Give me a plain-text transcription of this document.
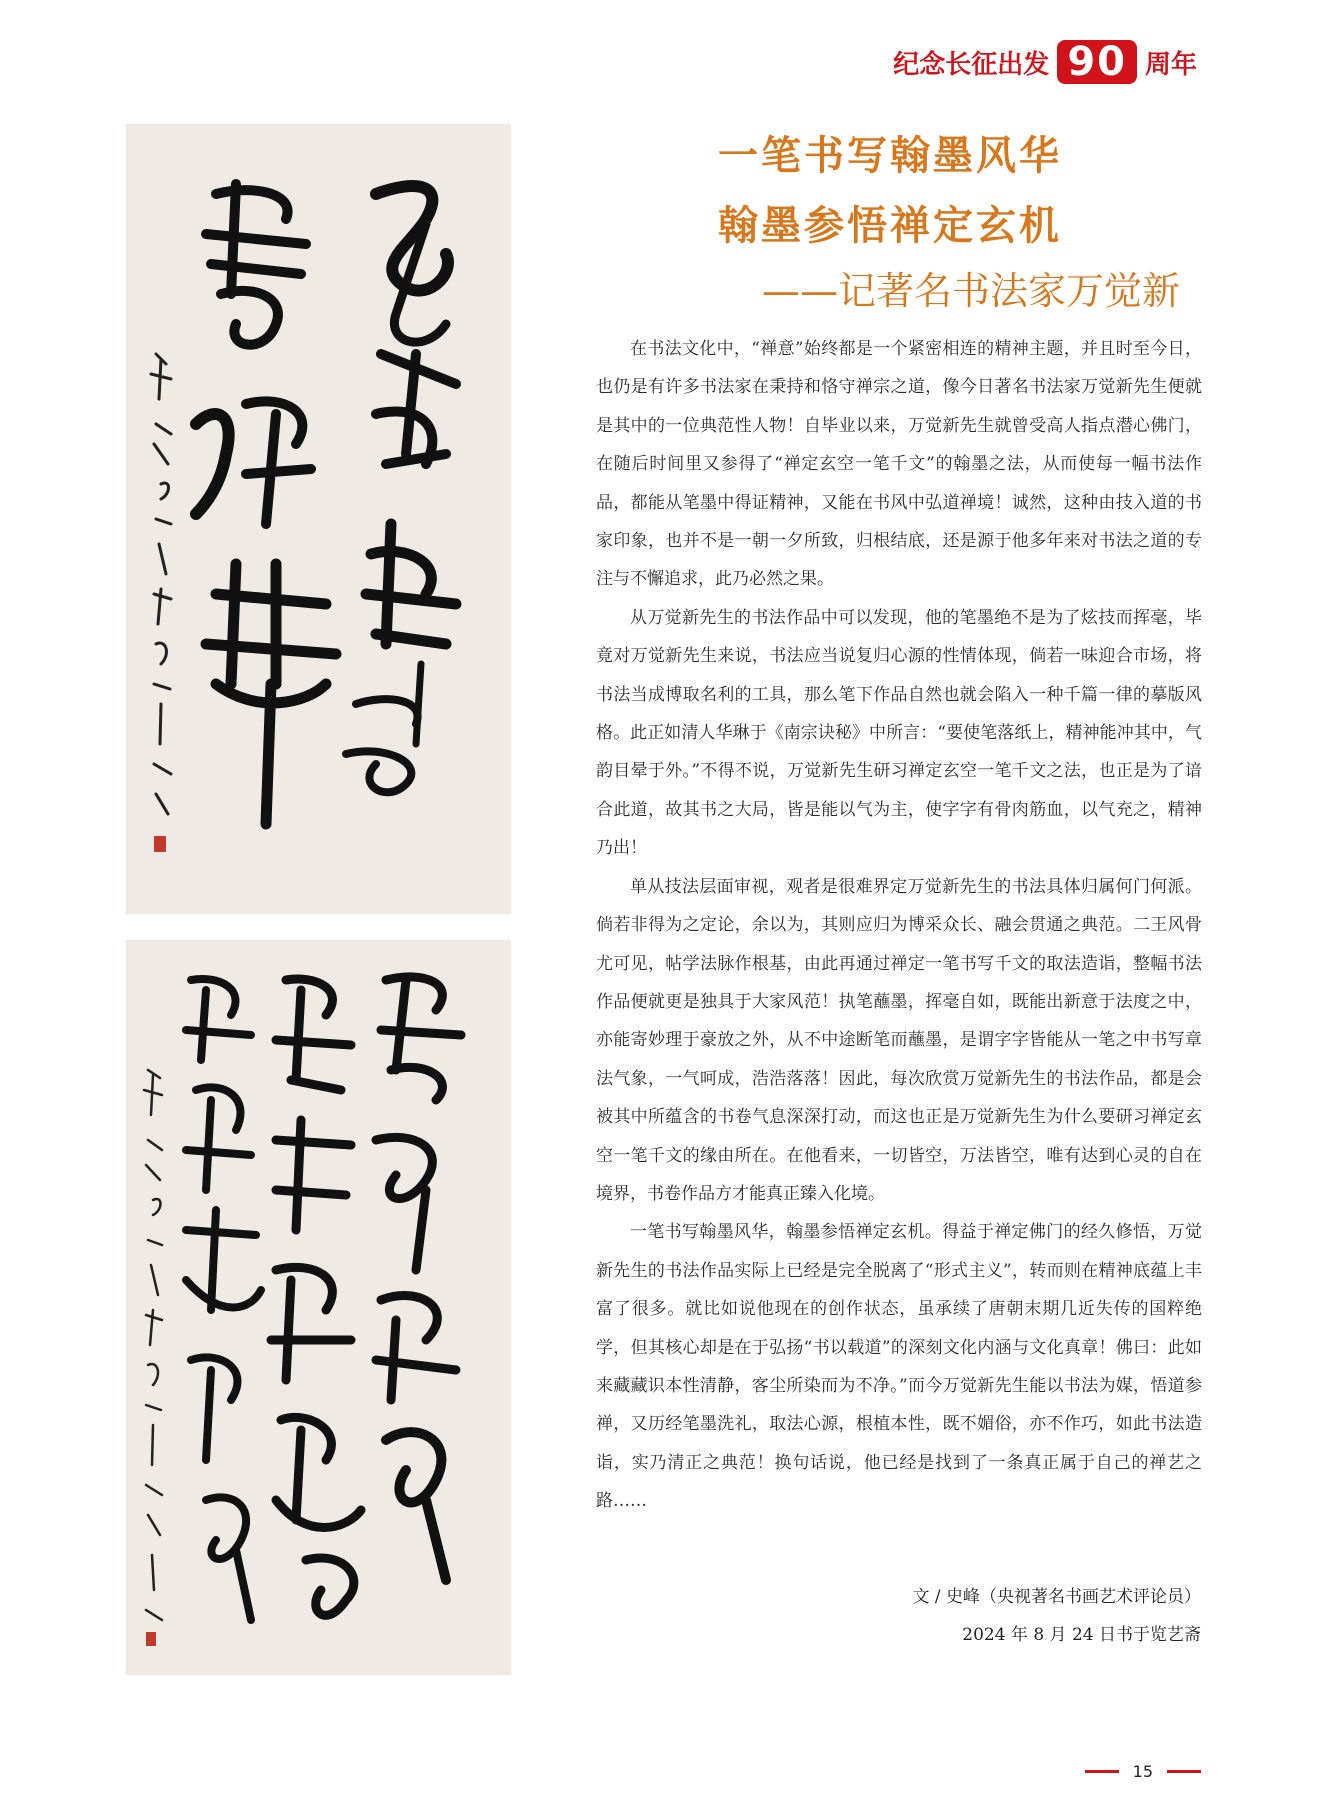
纪念长征出发 90 周年
一笔书写翰墨风华
翰墨参悟禅定玄机
——记著名书法家万觉新

在书法文化中，“禅意”始终都是一个紧密相连的精神主题，并且时至今日，也仍是有许多书法家在秉持和恪守禅宗之道，像今日著名书法家万觉新先生便就是其中的一位典范性人物！自毕业以来，万觉新先生就曾受高人指点潜心佛门，在随后时间里又参得了“禅定玄空一笔千文”的翰墨之法，从而使每一幅书法作品，都能从笔墨中得证精神，又能在书风中弘道禅境！诚然，这种由技入道的书家印象，也并不是一朝一夕所致，归根结底，还是源于他多年来对书法之道的专注与不懈追求，此乃必然之果。

从万觉新先生的书法作品中可以发现，他的笔墨绝不是为了炫技而挥毫，毕竟对万觉新先生来说，书法应当说复归心源的性情体现，倘若一味迎合市场，将书法当成博取名利的工具，那么笔下作品自然也就会陷入一种千篇一律的摹版风格。此正如清人华琳于《南宗诀秘》中所言：“要使笔落纸上，精神能冲其中，气韵目晕于外。”不得不说，万觉新先生研习禅定玄空一笔千文之法，也正是为了谙合此道，故其书之大局，皆是能以气为主，使字字有骨肉筋血，以气充之，精神乃出！

单从技法层面审视，观者是很难界定万觉新先生的书法具体归属何门何派。倘若非得为之定论，余以为，其则应归为博采众长、融会贯通之典范。二王风骨尤可见，帖学法脉作根基，由此再通过禅定一笔书写千文的取法造诣，整幅书法作品便就更是独具于大家风范！执笔蘸墨，挥毫自如，既能出新意于法度之中，亦能寄妙理于豪放之外，从不中途断笔而蘸墨，是谓字字皆能从一笔之中书写章法气象，一气呵成，浩浩落落！因此，每次欣赏万觉新先生的书法作品，都是会被其中所蕴含的书卷气息深深打动，而这也正是万觉新先生为什么要研习禅定玄空一笔千文的缘由所在。在他看来，一切皆空，万法皆空，唯有达到心灵的自在境界，书卷作品方才能真正臻入化境。

一笔书写翰墨风华，翰墨参悟禅定玄机。得益于禅定佛门的经久修悟，万觉新先生的书法作品实际上已经是完全脱离了“形式主义”，转而则在精神底蕴上丰富了很多。就比如说他现在的创作状态，虽承续了唐朝末期几近失传的国粹绝学，但其核心却是在于弘扬“书以载道”的深刻文化内涵与文化真章！佛曰：此如来藏藏识本性清静，客尘所染而为不净。”而今万觉新先生能以书法为媒，悟道参禅，又历经笔墨洗礼，取法心源，根植本性，既不媚俗，亦不作巧，如此书法造诣，实乃清正之典范！换句话说，他已经是找到了一条真正属于自己的禅艺之路……

文 / 史峰（央视著名书画艺术评论员）
2024 年 8 月 24 日书于览艺斋
15
